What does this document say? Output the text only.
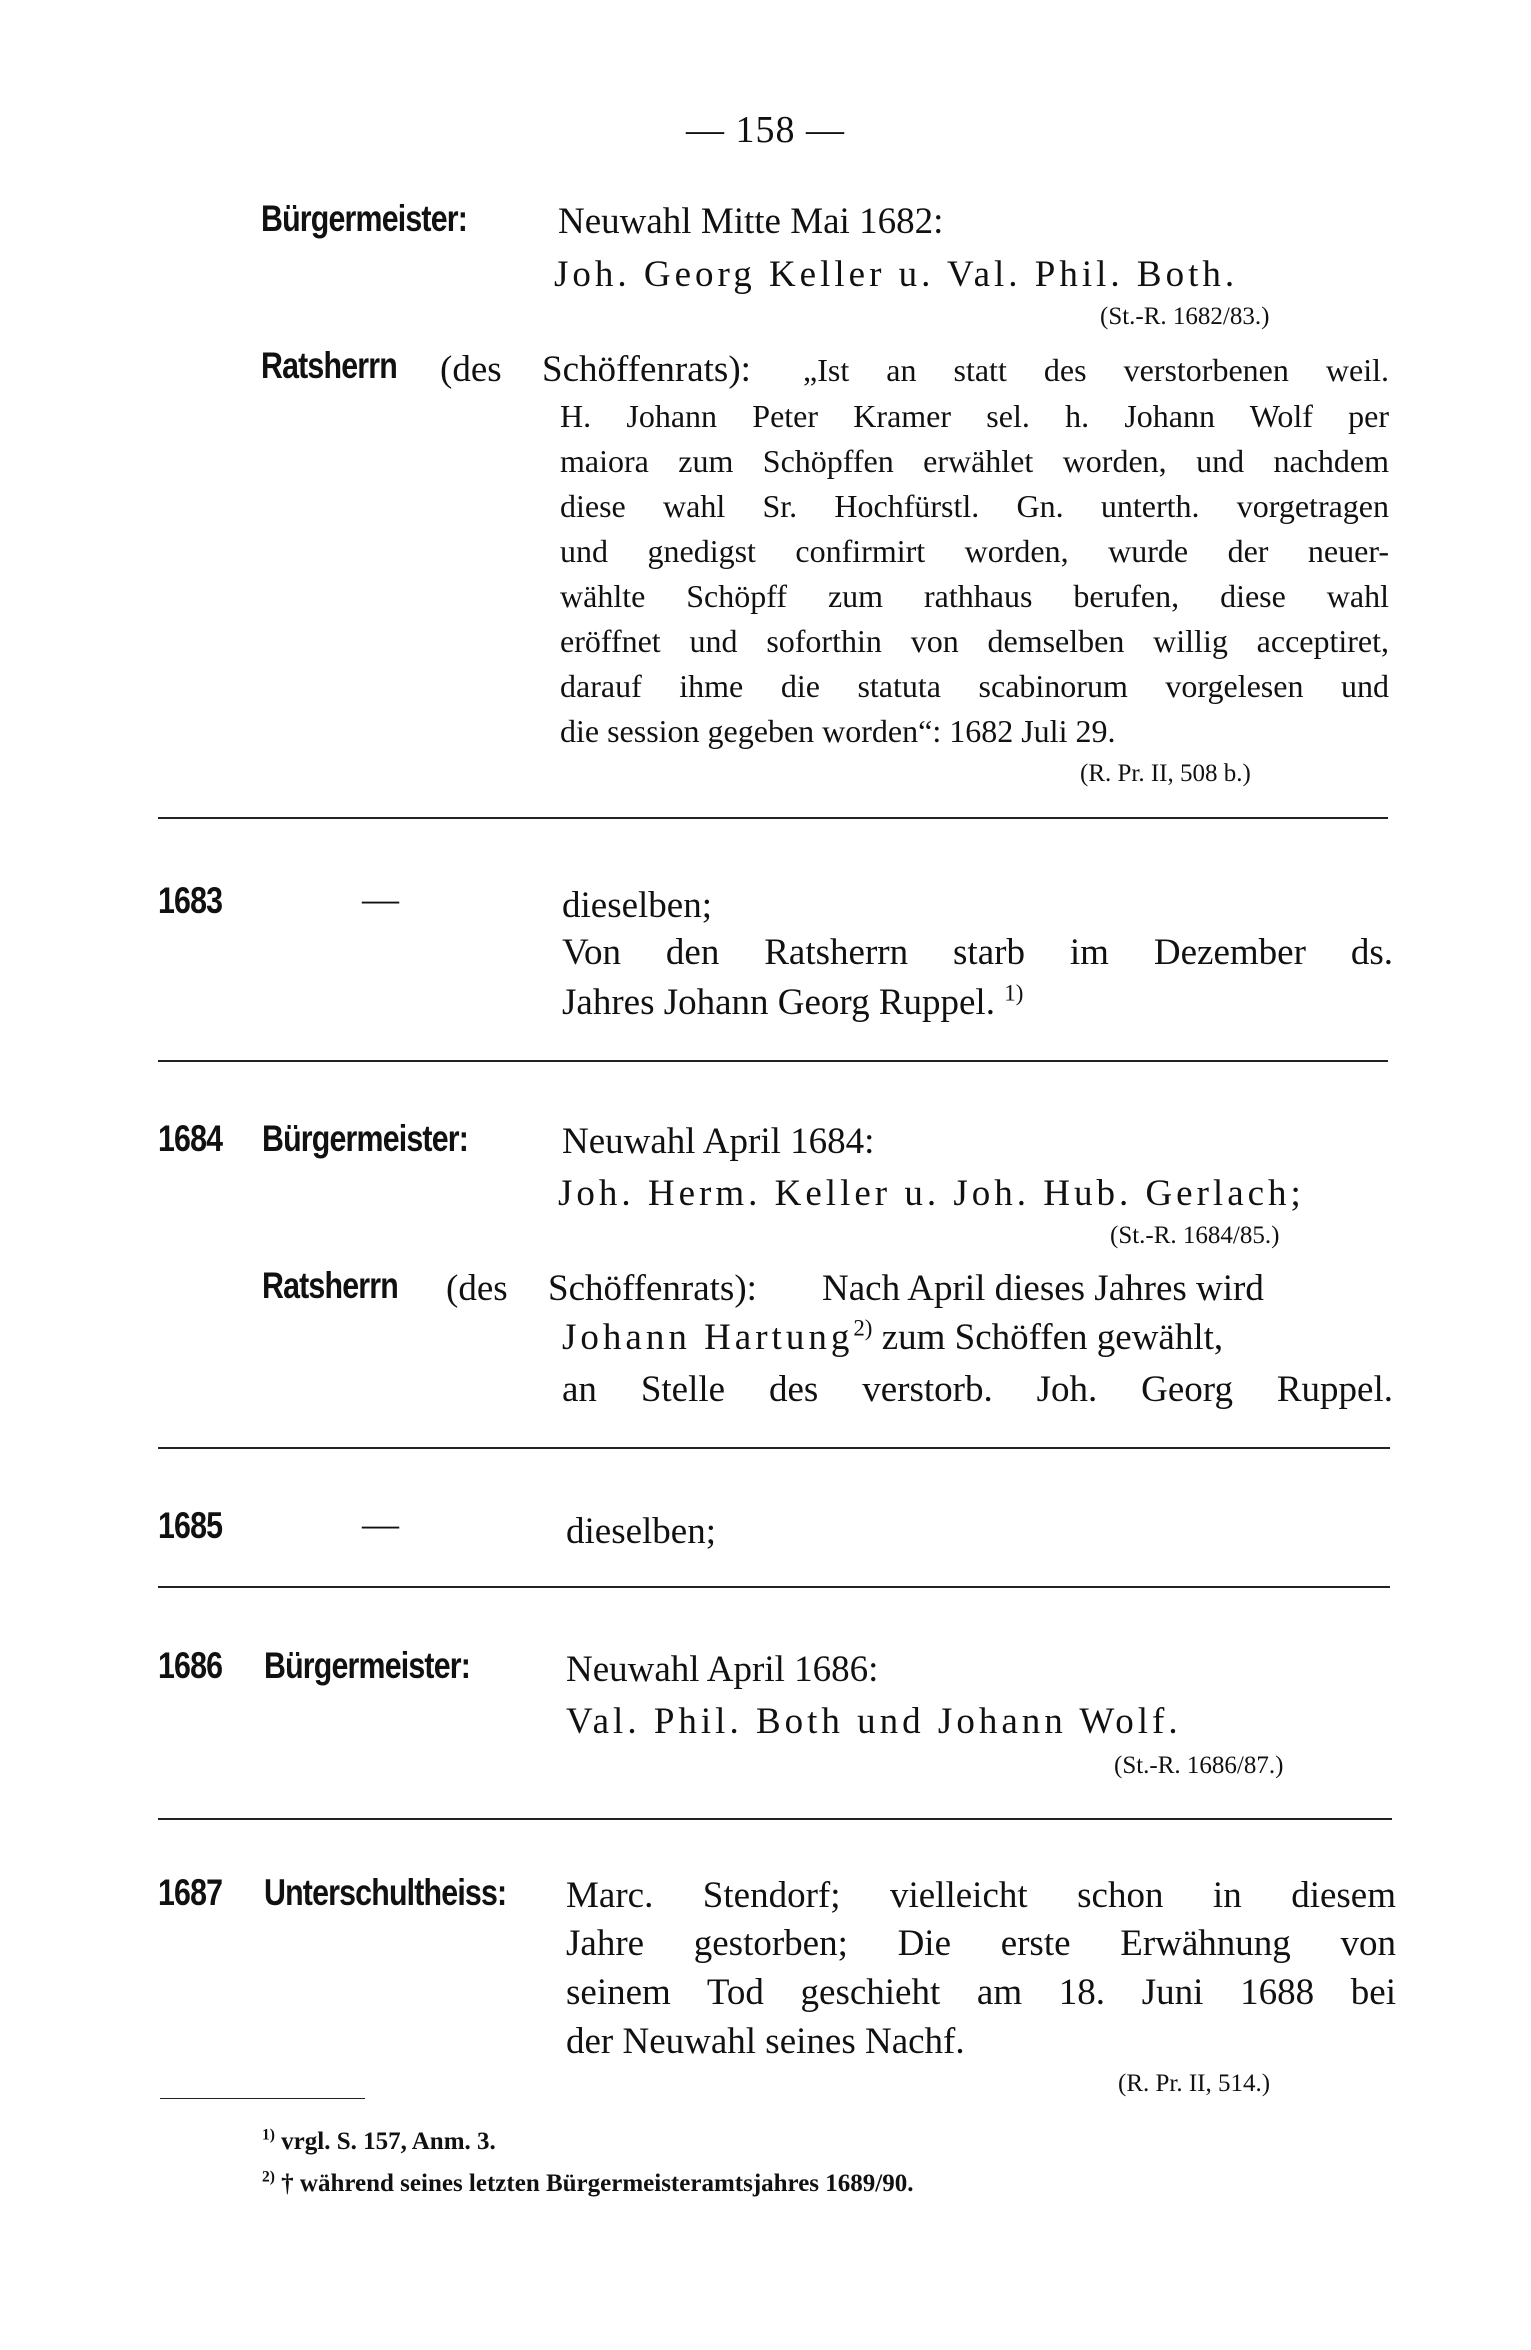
— 158 —
Bürgermeister: Neuwahl Mitte Mai 1682:
Joh. Georg Keller u. Val. Phil. Both.
(St.-R. 1682/83.)
Ratsherrn (des Schöffenrats): „Ist an statt des verstorbenen weil.
H. Johann Peter Kramer sel. h. Johann Wolf per
maiora zum Schöpffen erwählet worden, und nachdem
diese wahl Sr. Hochfürstl. Gn. unterth. vorgetragen
und gnedigst confirmirt worden, wurde der neuer-
wählte Schöpff zum rathhaus berufen, diese wahl
eröffnet und soforthin von demselben willig acceptiret,
darauf ihme die statuta scabinorum vorgelesen und
die session gegeben worden“: 1682 Juli 29.
(R. Pr. II, 508 b.)
1683	—	dieselben;
Von den Ratsherrn starb im Dezember ds.
Jahres Johann Georg Ruppel. $^{1)}$
1684 Bürgermeister:	Neuwahl April 1684:
Joh. Herm. Keller u. Joh. Hub. Gerlach;
(St.-R. 1684/85.)
Ratsherrn (des Schöffenrats): Nach April dieses Jahres wird
Johann Hartung$^{2)}$ zum Schöffen gewählt,
an Stelle des verstorb. Joh. Georg Ruppel.
1685	—	dieselben;
1686 Bürgermeister:	Neuwahl April 1686:
Val. Phil. Both und Johann Wolf.
(St.-R. 1686/87.)
1687 Unterschultheiss: Marc. Stendorf; vielleicht schon in diesem
Jahre gestorben; Die erste Erwähnung von
seinem Tod geschieht am 18. Juni 1688 bei
der Neuwahl seines Nachf.
(R. Pr. II, 514.)
$^{1)}$ vrgl. S. 157, Anm. 3.
$^{2)}$ † während seines letzten Bürgermeisteramtsjahres 1689/90.
